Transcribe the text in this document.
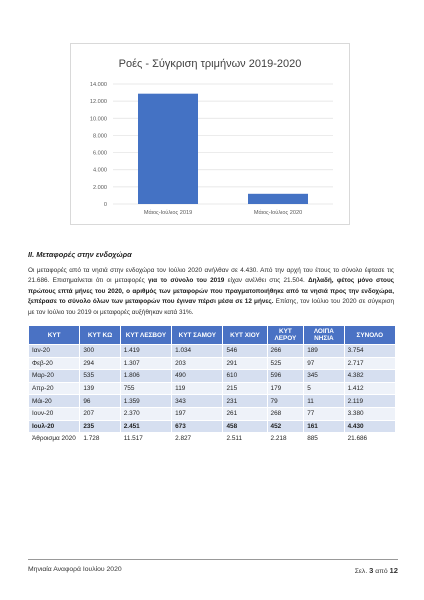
Ροές - Σύγκριση τριμήνων 2019-2020
0
2.000
4.000
6.000
8.000
10.000
12.000
14.000
Μάιος-Ιούλιος 2019	Μάιος-Ιούλιος 2020
II. Μεταφορές στην ενδοχώρα
Οι μεταφορές από τα νησιά στην ενδοχώρα τον Ιούλιο 2020 ανήλθαν σε 4.430. Από την αρχή του έτους το σύνολο έφτασε τις 21.686. Επισημαίνεται ότι οι μεταφορές για το σύνολο του 2019 είχαν ανέλθει στις 21.504. Δηλαδή, φέτος μόνο στους πρώτους επτά μήνες του 2020, ο αριθμός των μεταφορών που πραγματοποιήθηκε από τα νησιά προς την ενδοχώρα, ξεπέρασε το σύνολο όλων των μεταφορών που έγιναν πέρσι μέσα σε 12 μήνες. Επίσης, τον Ιούλιο του 2020 σε σύγκριση με τον Ιούλιο του 2019 οι μεταφορές αυξήθηκαν κατά 31%.
ΚΥΤ	ΚΥΤ ΚΩ	ΚΥΤ ΛΕΣΒΟΥ	ΚΥΤ ΣΑΜΟΥ	ΚΥΤ ΧΙΟΥ	ΚΥΤ ΛΕΡΟΥ	ΛΟΙΠΑ ΝΗΣΙΑ	ΣΥΝΟΛΟ
Ιαν-20	300	1.419	1.034	546	266	189	3.754
Φεβ-20	294	1.307	203	291	525	97	2.717
Μαρ-20	535	1.806	490	610	596	345	4.382
Απρ-20	139	755	119	215	179	5	1.412
Μάι-20	96	1.359	343	231	79	11	2.119
Ιουν-20	207	2.370	197	261	268	77	3.380
Ιουλ-20	235	2.451	673	458	452	161	4.430
Άθροισμα 2020	1.728	11.517	2.827	2.511	2.218	885	21.686
Μηνιαία Αναφορά Ιουλίου 2020	Σελ. 3 από 12
